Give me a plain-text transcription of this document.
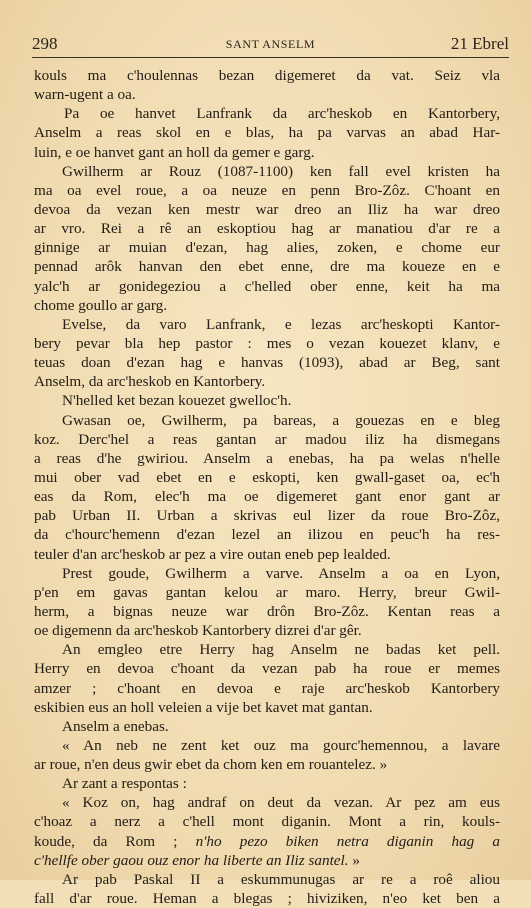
298	SANT ANSELM	21 Ebrel
kouls ma c'houlennas bezan digemeret da vat. Seiz vla
warn-ugent a oa.
Pa oe hanvet Lanfrank da arc'heskob en Kantorbery,
Anselm a reas skol en e blas, ha pa varvas an abad Har-
luin, e oe hanvet gant an holl da gemer e garg.
Gwilherm ar Rouz (1087-1100) ken fall evel kristen ha
ma oa evel roue, a oa neuze en penn Bro-Zôz. C'hoant en
devoa da vezan ken mestr war dreo an Iliz ha war dreo
ar vro. Rei a rê an eskoptiou hag ar manatiou d'ar re a
ginnige ar muian d'ezan, hag alies, zoken, e chome eur
pennad arôk hanvan den ebet enne, dre ma koueze en e
yalc'h ar gonidegeziou a c'helled ober enne, keit ha ma
chome goullo ar garg.
Evelse, da varo Lanfrank, e lezas arc'heskopti Kantor-
bery pevar bla hep pastor : mes o vezan kouezet klanv, e
teuas doan d'ezan hag e hanvas (1093), abad ar Beg, sant
Anselm, da arc'heskob en Kantorbery.
N'helled ket bezan kouezet gwelloc'h.
Gwasan oe, Gwilherm, pa bareas, a gouezas en e bleg
koz. Derc'hel a reas gantan ar madou iliz ha dismegans
a reas d'he gwiriou. Anselm a enebas, ha pa welas n'helle
mui ober vad ebet en e eskopti, ken gwall-gaset oa, ec'h
eas da Rom, elec'h ma oe digemeret gant enor gant ar
pab Urban II. Urban a skrivas eul lizer da roue Bro-Zôz,
da c'hourc'hemenn d'ezan lezel an ilizou en peuc'h ha res-
teuler d'an arc'heskob ar pez a vire outan eneb pep lealded.
Prest goude, Gwilherm a varve. Anselm a oa en Lyon,
p'en em gavas gantan kelou ar maro. Herry, breur Gwil-
herm, a bignas neuze war drôn Bro-Zôz. Kentan reas a
oe digemenn da arc'heskob Kantorbery dizrei d'ar gêr.
An emgleo etre Herry hag Anselm ne badas ket pell.
Herry en devoa c'hoant da vezan pab ha roue er memes
amzer ; c'hoant en devoa e raje arc'heskob Kantorbery
eskibien eus an holl veleien a vije bet kavet mat gantan.
Anselm a enebas.
« An neb ne zent ket ouz ma gourc'hemennou, a lavare
ar roue, n'en deus gwir ebet da chom ken em rouantelez. »
Ar zant a respontas :
« Koz on, hag andraf on deut da vezan. Ar pez am eus
c'hoaz a nerz a c'hell mont diganin. Mont a rin, kouls-
koude, da Rom ; n'ho pezo biken netra diganin hag a
c'hellfe ober gaou ouz enor ha liberte an Iliz santel. »
Ar pab Paskal II a eskummunugas ar re a roê aliou
fall d'ar roue. Heman a blegas ; hiviziken, n'eo ket ben a
